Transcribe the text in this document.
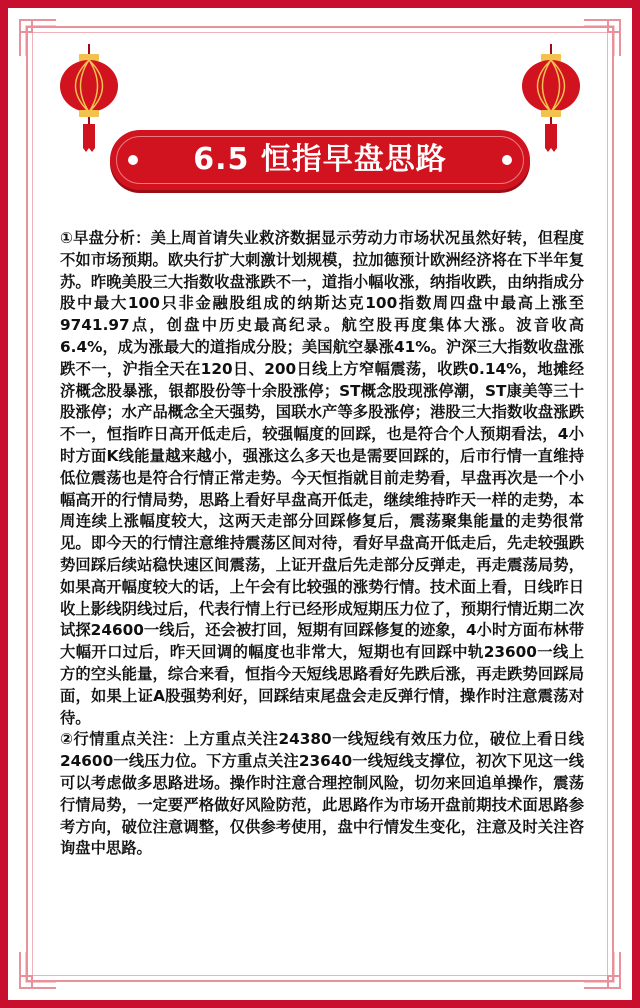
6.5 恒指早盘思路

①早盘分析：美上周首请失业救济数据显示劳动力市场状况虽然好转，但程度不如市场预期。欧央行扩大刺激计划规模，拉加德预计欧洲经济将在下半年复苏。昨晚美股三大指数收盘涨跌不一，道指小幅收涨，纳指收跌，由纳指成分股中最大100只非金融股组成的纳斯达克100指数周四盘中最高上涨至9741.97点，创盘中历史最高纪录。航空股再度集体大涨。波音收高6.4%，成为涨最大的道指成分股；美国航空暴涨41%。沪深三大指数收盘涨跌不一，沪指全天在120日、200日线上方窄幅震荡，收跌0.14%，地摊经济概念股暴涨，银都股份等十余股涨停；ST概念股现涨停潮，ST康美等三十股涨停；水产品概念全天强势，国联水产等多股涨停；港股三大指数收盘涨跌不一，恒指昨日高开低走后，较强幅度的回踩，也是符合个人预期看法，4小时方面K线能量越来越小，强涨这么多天也是需要回踩的，后市行情一直维持低位震荡也是符合行情正常走势。今天恒指就目前走势看，早盘再次是一个小幅高开的行情局势，思路上看好早盘高开低走，继续维持昨天一样的走势，本周连续上涨幅度较大，这两天走部分回踩修复后，震荡聚集能量的走势很常见。即今天的行情注意维持震荡区间对待，看好早盘高开低走后，先走较强跌势回踩后续站稳快速区间震荡，上证开盘后先走部分反弹走，再走震荡局势，如果高开幅度较大的话，上午会有比较强的涨势行情。技术面上看，日线昨日收上影线阴线过后，代表行情上行已经形成短期压力位了，预期行情近期二次试探24600一线后，还会被打回，短期有回踩修复的迹象，4小时方面布林带大幅开口过后，昨天回调的幅度也非常大，短期也有回踩中轨23600一线上方的空头能量，综合来看，恒指今天短线思路看好先跌后涨，再走跌势回踩局面，如果上证A股强势利好，回踩结束尾盘会走反弹行情，操作时注意震荡对待。

②行情重点关注：上方重点关注24380一线短线有效压力位，破位上看日线24600一线压力位。下方重点关注23640一线短线支撑位，初次下见这一线可以考虑做多思路进场。操作时注意合理控制风险，切勿来回追单操作，震荡行情局势，一定要严格做好风险防范，此思路作为市场开盘前期技术面思路参考方向，破位注意调整，仅供参考使用，盘中行情发生变化，注意及时关注咨询盘中思路。
